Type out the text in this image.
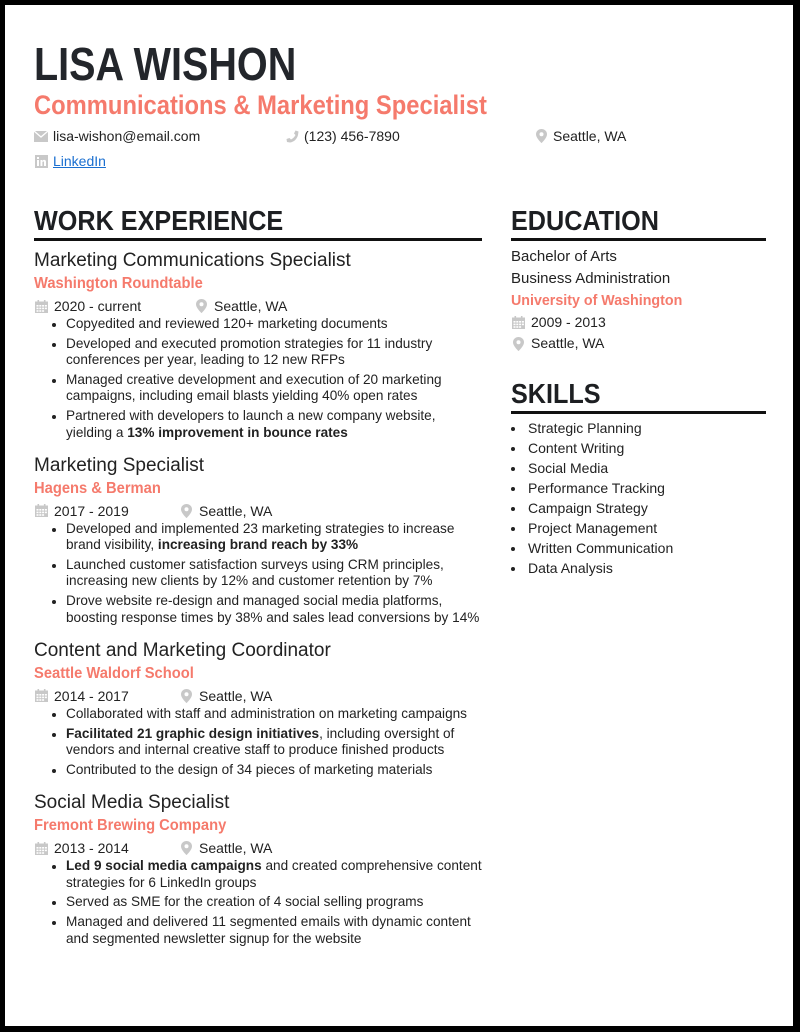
LISA WISHON
Communications & Marketing Specialist
lisa-wishon@email.com	(123) 456-7890	Seattle, WA
LinkedIn
WORK EXPERIENCE
Marketing Communications Specialist
Washington Roundtable
2020 - current	Seattle, WA
• Copyedited and reviewed 120+ marketing documents
• Developed and executed promotion strategies for 11 industry conferences per year, leading to 12 new RFPs
• Managed creative development and execution of 20 marketing campaigns, including email blasts yielding 40% open rates
• Partnered with developers to launch a new company website, yielding a 13% improvement in bounce rates
Marketing Specialist
Hagens & Berman
2017 - 2019	Seattle, WA
• Developed and implemented 23 marketing strategies to increase brand visibility, increasing brand reach by 33%
• Launched customer satisfaction surveys using CRM principles, increasing new clients by 12% and customer retention by 7%
• Drove website re-design and managed social media platforms, boosting response times by 38% and sales lead conversions by 14%
Content and Marketing Coordinator
Seattle Waldorf School
2014 - 2017	Seattle, WA
• Collaborated with staff and administration on marketing campaigns
• Facilitated 21 graphic design initiatives, including oversight of vendors and internal creative staff to produce finished products
• Contributed to the design of 34 pieces of marketing materials
Social Media Specialist
Fremont Brewing Company
2013 - 2014	Seattle, WA
• Led 9 social media campaigns and created comprehensive content strategies for 6 LinkedIn groups
• Served as SME for the creation of 4 social selling programs
• Managed and delivered 11 segmented emails with dynamic content and segmented newsletter signup for the website
EDUCATION
Bachelor of Arts
Business Administration
University of Washington
2009 - 2013
Seattle, WA
SKILLS
• Strategic Planning
• Content Writing
• Social Media
• Performance Tracking
• Campaign Strategy
• Project Management
• Written Communication
• Data Analysis
